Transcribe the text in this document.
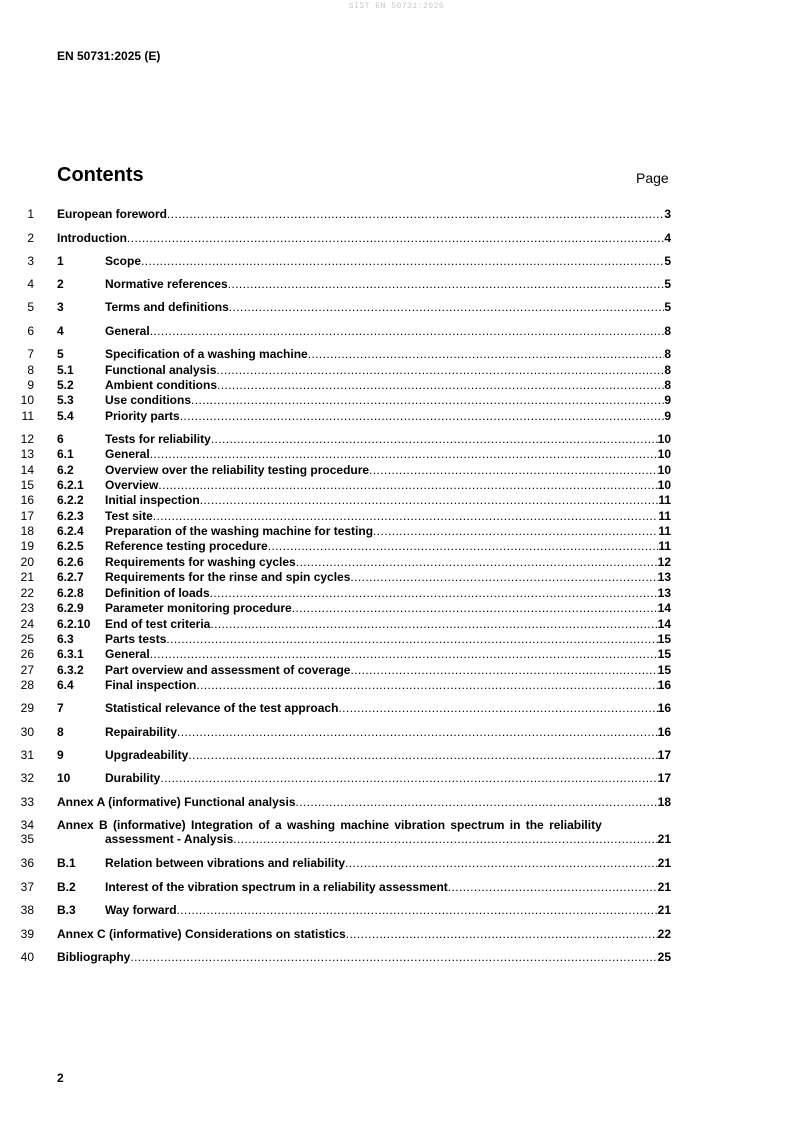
SIST EN 50731:2025
EN 50731:2025 (E)
Contents	Page
1 European foreword .....	3
2 Introduction .....	4
3 1	Scope .....	5
4 2	Normative references .....	5
5 3	Terms and definitions .....	5
6 4	General .....	8
7 5	Specification of a washing machine .....	8
8 5.1	Functional analysis .....	8
9 5.2	Ambient conditions .....	8
10 5.3	Use conditions .....	9
11 5.4	Priority parts .....	9
12 6	Tests for reliability .....	10
13 6.1	General .....	10
14 6.2	Overview over the reliability testing procedure .....	10
15 6.2.1 Overview .....	10
16 6.2.2 Initial inspection .....	11
17 6.2.3 Test site .....	11
18 6.2.4 Preparation of the washing machine for testing .....	11
19 6.2.5 Reference testing procedure .....	11
20 6.2.6 Requirements for washing cycles .....	12
21 6.2.7 Requirements for the rinse and spin cycles .....	13
22 6.2.8 Definition of loads .....	13
23 6.2.9 Parameter monitoring procedure .....	14
24 6.2.10 End of test criteria .....	14
25 6.3	Parts tests .....	15
26 6.3.1 General .....	15
27 6.3.2 Part overview and assessment of coverage .....	15
28 6.4	Final inspection .....	16
29 7	Statistical relevance of the test approach .....	16
30 8	Repairability .....	16
31 9	Upgradeability .....	17
32 10	Durability .....	17
33 Annex A (informative) Functional analysis .....	18
34 Annex B (informative) Integration of a washing machine vibration spectrum in the reliability
35	assessment - Analysis .....	21
36 B.1 Relation between vibrations and reliability .....	21
37 B.2 Interest of the vibration spectrum in a reliability assessment .....	21
38 B.3 Way forward .....	21
39 Annex C (informative) Considerations on statistics .....	22
40 Bibliography .....	25
2
